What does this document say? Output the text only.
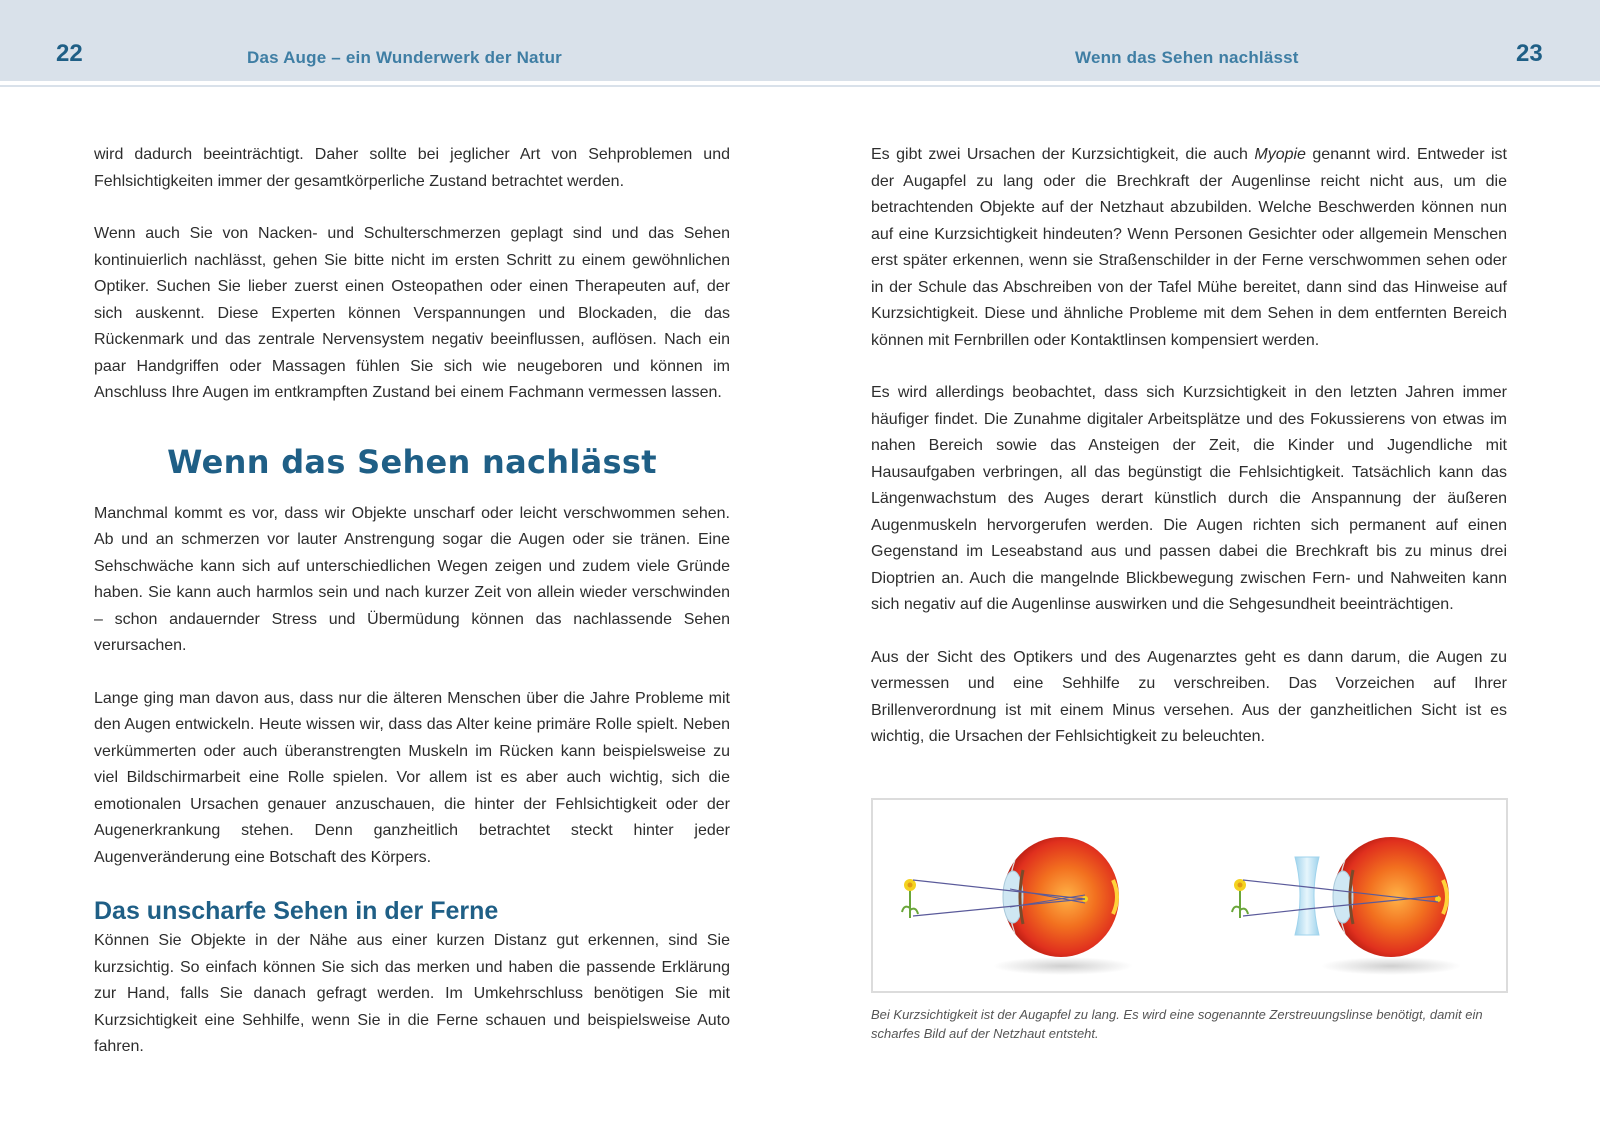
22	Das Auge – ein Wunderwerk der Natur	Wenn das Sehen nachlässt	23

wird dadurch beeinträchtigt. Daher sollte bei jeglicher Art von Sehproblemen und Fehlsichtigkeiten immer der gesamtkörperliche Zustand betrachtet werden.

Wenn auch Sie von Nacken- und Schulterschmerzen geplagt sind und das Sehen kontinuierlich nachlässt, gehen Sie bitte nicht im ersten Schritt zu einem gewöhnlichen Optiker. Suchen Sie lieber zuerst einen Osteopathen oder einen Therapeuten auf, der sich auskennt. Diese Experten können Verspannungen und Blockaden, die das Rückenmark und das zentrale Nervensystem negativ beeinflussen, auflösen. Nach ein paar Handgriffen oder Massagen fühlen Sie sich wie neugeboren und können im Anschluss Ihre Augen im entkrampften Zustand bei einem Fachmann vermessen lassen.

Wenn das Sehen nachlässt

Manchmal kommt es vor, dass wir Objekte unscharf oder leicht verschwommen sehen. Ab und an schmerzen vor lauter Anstrengung sogar die Augen oder sie tränen. Eine Sehschwäche kann sich auf unterschiedlichen Wegen zeigen und zudem viele Gründe haben. Sie kann auch harmlos sein und nach kurzer Zeit von allein wieder verschwinden – schon andauernder Stress und Übermüdung können das nachlassende Sehen verursachen.

Lange ging man davon aus, dass nur die älteren Menschen über die Jahre Probleme mit den Augen entwickeln. Heute wissen wir, dass das Alter keine primäre Rolle spielt. Neben verkümmerten oder auch überanstrengten Muskeln im Rücken kann beispielsweise zu viel Bildschirmarbeit eine Rolle spielen. Vor allem ist es aber auch wichtig, sich die emotionalen Ursachen genauer anzuschauen, die hinter der Fehlsichtigkeit oder der Augenerkrankung stehen. Denn ganzheitlich betrachtet steckt hinter jeder Augenveränderung eine Botschaft des Körpers.

Das unscharfe Sehen in der Ferne

Können Sie Objekte in der Nähe aus einer kurzen Distanz gut erkennen, sind Sie kurzsichtig. So einfach können Sie sich das merken und haben die passende Erklärung zur Hand, falls Sie danach gefragt werden. Im Umkehrschluss benötigen Sie mit Kurzsichtigkeit eine Sehhilfe, wenn Sie in die Ferne schauen und beispielsweise Auto fahren.

Es gibt zwei Ursachen der Kurzsichtigkeit, die auch Myopie genannt wird. Entweder ist der Augapfel zu lang oder die Brechkraft der Augenlinse reicht nicht aus, um die betrachtenden Objekte auf der Netzhaut abzubilden. Welche Beschwerden können nun auf eine Kurzsichtigkeit hindeuten? Wenn Personen Gesichter oder allgemein Menschen erst später erkennen, wenn sie Straßenschilder in der Ferne verschwommen sehen oder in der Schule das Abschreiben von der Tafel Mühe bereitet, dann sind das Hinweise auf Kurzsichtigkeit. Diese und ähnliche Probleme mit dem Sehen in dem entfernten Bereich können mit Fernbrillen oder Kontaktlinsen kompensiert werden.

Es wird allerdings beobachtet, dass sich Kurzsichtigkeit in den letzten Jahren immer häufiger findet. Die Zunahme digitaler Arbeitsplätze und des Fokussierens von etwas im nahen Bereich sowie das Ansteigen der Zeit, die Kinder und Jugendliche mit Hausaufgaben verbringen, all das begünstigt die Fehlsichtigkeit. Tatsächlich kann das Längenwachstum des Auges derart künstlich durch die Anspannung der äußeren Augenmuskeln hervorgerufen werden. Die Augen richten sich permanent auf einen Gegenstand im Leseabstand aus und passen dabei die Brechkraft bis zu minus drei Dioptrien an. Auch die mangelnde Blickbewegung zwischen Fern- und Nahweiten kann sich negativ auf die Augenlinse auswirken und die Sehgesundheit beeinträchtigen.

Aus der Sicht des Optikers und des Augenarztes geht es dann darum, die Augen zu vermessen und eine Sehhilfe zu verschreiben. Das Vorzeichen auf Ihrer Brillenverordnung ist mit einem Minus versehen. Aus der ganzheitlichen Sicht ist es wichtig, die Ursachen der Fehlsichtigkeit zu beleuchten.

Bei Kurzsichtigkeit ist der Augapfel zu lang. Es wird eine sogenannte Zerstreuungslinse benötigt, damit ein scharfes Bild auf der Netzhaut entsteht.
